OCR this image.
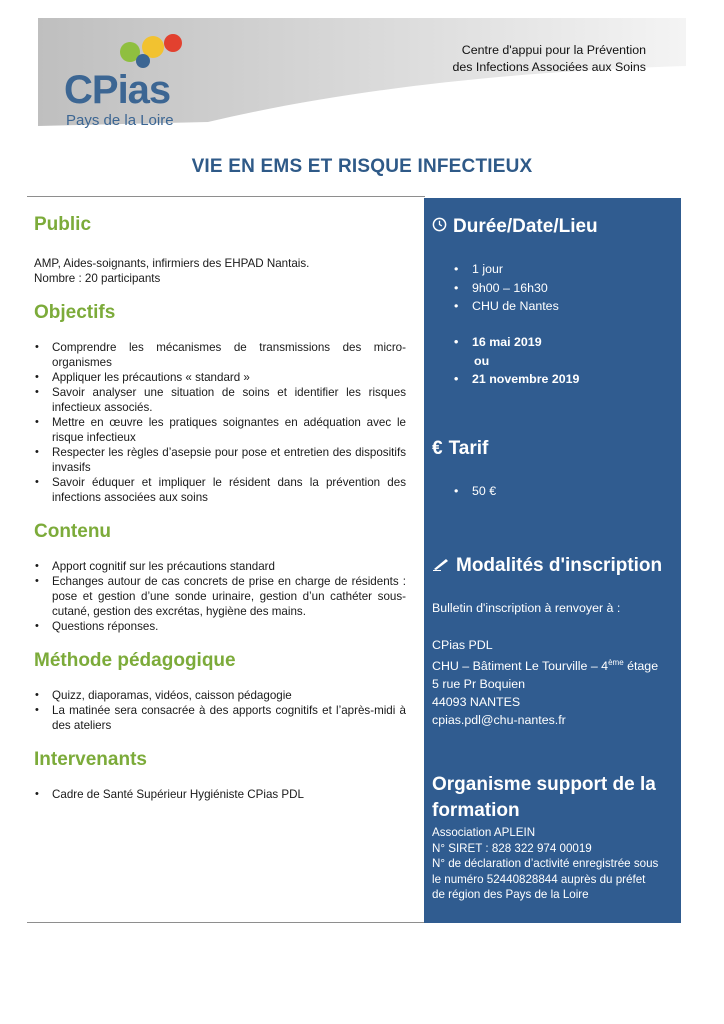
CPias
Pays de la Loire
Centre d'appui pour la Prévention
des Infections Associées aux Soins
VIE EN EMS ET RISQUE INFECTIEUX
Public

AMP, Aides-soignants, infirmiers des EHPAD Nantais.

Nombre : 20 participants

Objectifs
• Comprendre les mécanismes de transmissions des micro-organismes
• Appliquer les précautions « standard »
• Savoir analyser une situation de soins et identifier les risques infectieux associés.
• Mettre en œuvre les pratiques soignantes en adéquation avec le risque infectieux
• Respecter les règles d’asepsie pour pose et entretien des dispositifs invasifs
• Savoir éduquer et impliquer le résident dans la prévention des infections associées aux soins
Contenu
• Apport cognitif sur les précautions standard
• Echanges autour de cas concrets de prise en charge de résidents : pose et gestion d’une sonde urinaire, gestion d’un cathéter sous-cutané, gestion des excrétas, hygiène des mains.
• Questions réponses.
Méthode pédagogique
• Quizz, diaporamas, vidéos, caisson pédagogie
• La matinée sera consacrée à des apports cognitifs et l’après-midi à des ateliers
Intervenants
• Cadre de Santé Supérieur Hygiéniste CPias PDL
Durée/Date/Lieu
• 1 jour
• 9h00 – 16h30
• CHU de Nantes
• 16 mai 2019
ou
• 21 novembre 2019
€ Tarif
• 50 €
Modalités d'inscription
Bulletin d'inscription à renvoyer à :
CPias PDL
CHU – Bâtiment Le Tourville – 4ème étage
5 rue Pr Boquien
44093 NANTES
cpias.pdl@chu-nantes.fr
Organisme support de la
formation
Association APLEIN
N° SIRET : 828 322 974 00019
N° de déclaration d’activité enregistrée sous
le numéro 52440828844 auprès du préfet
de région des Pays de la Loire
